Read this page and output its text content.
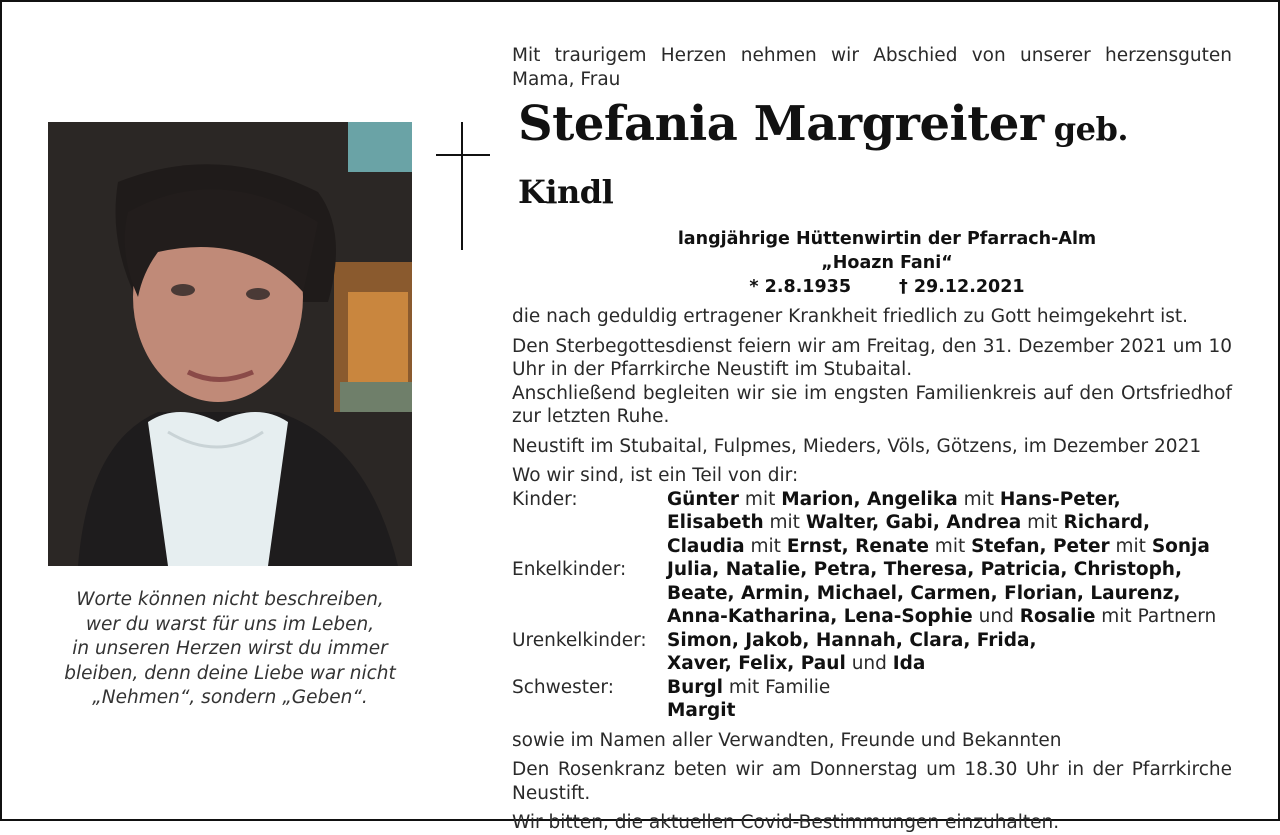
Worte können nicht beschreiben,
wer du warst für uns im Leben,
in unseren Herzen wirst du immer
bleiben, denn deine Liebe war nicht
„Nehmen“, sondern „Geben“.
Mit traurigem Herzen nehmen wir Abschied von unserer herzensguten Mama, Frau
Stefania Margreiter geb. Kindl
langjährige Hüttenwirtin der Pfarrach-Alm
„Hoazn Fani“
* 2.8.1935	† 29.12.2021
die nach geduldig ertragener Krankheit friedlich zu Gott heimgekehrt ist.
Den Sterbegottesdienst feiern wir am Freitag, den 31. Dezember 2021 um 10 Uhr in der Pfarrkirche Neustift im Stubaital.
Anschließend begleiten wir sie im engsten Familienkreis auf den Ortsfriedhof zur letzten Ruhe.
Neustift im Stubaital, Fulpmes, Mieders, Völs, Götzens, im Dezember 2021
Wo wir sind, ist ein Teil von dir:
Kinder:	Günter mit Marion, Angelika mit Hans-Peter,
Elisabeth mit Walter, Gabi, Andrea mit Richard,
Claudia mit Ernst, Renate mit Stefan, Peter mit Sonja
Enkelkinder:	Julia, Natalie, Petra, Theresa, Patricia, Christoph,
Beate, Armin, Michael, Carmen, Florian, Laurenz,
Anna-Katharina, Lena-Sophie und Rosalie mit Partnern
Urenkelkinder:	Simon, Jakob, Hannah, Clara, Frida,
Xaver, Felix, Paul und Ida
Schwester:	Burgl mit Familie
Margit
sowie im Namen aller Verwandten, Freunde und Bekannten
Den Rosenkranz beten wir am Donnerstag um 18.30 Uhr in der Pfarrkirche Neustift.
Wir bitten, die aktuellen Covid-Bestimmungen einzuhalten.
